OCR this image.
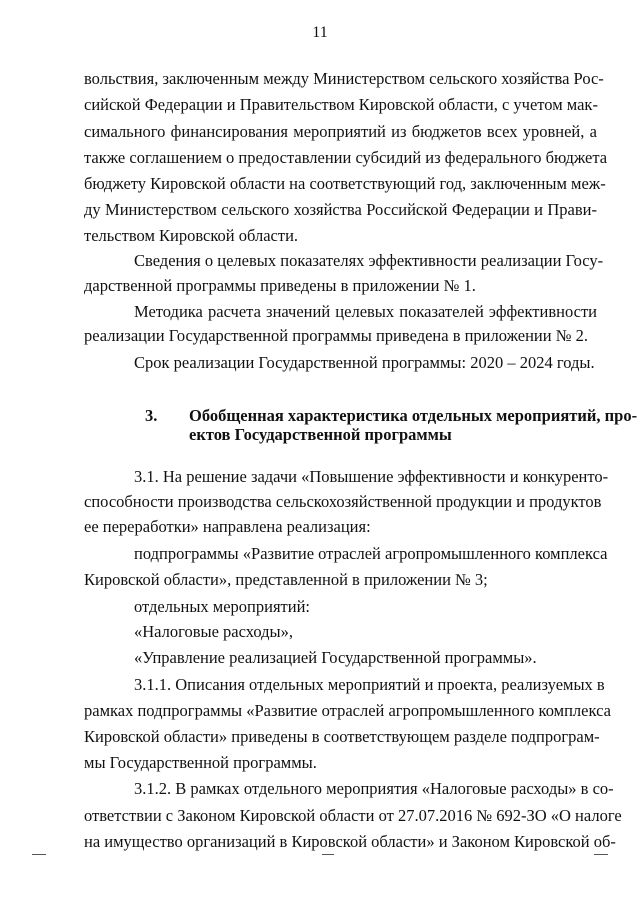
11
вольствия, заключенным между Министерством сельского хозяйства Рос-
сийской Федерации и Правительством Кировской области, с учетом мак-
симального финансирования мероприятий из бюджетов всех уровней, а
также соглашением о предоставлении субсидий из федерального бюджета
бюджету Кировской области на соответствующий год, заключенным меж-
ду Министерством сельского хозяйства Российской Федерации и Прави-
тельством Кировской области.
Сведения о целевых показателях эффективности реализации Госу-
дарственной программы приведены в приложении № 1.
Методика расчета значений целевых показателей эффективности
реализации Государственной программы приведена в приложении № 2.
Срок реализации Государственной программы: 2020 – 2024 годы.
3. Обобщенная характеристика отдельных мероприятий, про-
ектов Государственной программы
3.1. На решение задачи «Повышение эффективности и конкуренто-
способности производства сельскохозяйственной продукции и продуктов
ее переработки» направлена реализация:
подпрограммы «Развитие отраслей агропромышленного комплекса
Кировской области», представленной в приложении № 3;
отдельных мероприятий:
«Налоговые расходы»,
«Управление реализацией Государственной программы».
3.1.1. Описания отдельных мероприятий и проекта, реализуемых в
рамках подпрограммы «Развитие отраслей агропромышленного комплекса
Кировской области» приведены в соответствующем разделе подпрограм-
мы Государственной программы.
3.1.2. В рамках отдельного мероприятия «Налоговые расходы» в со-
ответствии с Законом Кировской области от 27.07.2016 № 692-ЗО «О налоге
на имущество организаций в Кировской области» и Законом Кировской об-
